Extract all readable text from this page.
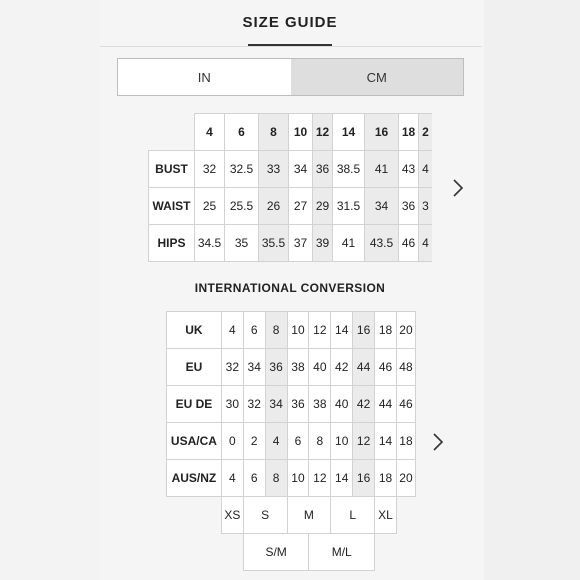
SIZE GUIDE
IN	CM
	4	6	8	10	12	14	16	18	2
BUST	32	32.5	33	34	36	38.5	41	43	4
WAIST	25	25.5	26	27	29	31.5	34	36	3
HIPS	34.5	35	35.5	37	39	41	43.5	46	4
INTERNATIONAL CONVERSION
UK	4	6	8	10	12	14	16	18	20
EU	32	34	36	38	40	42	44	46	48
EU DE	30	32	34	36	38	40	42	44	46
USA/CA	0	2	4	6	8	10	12	14	18
AUS/NZ	4	6	8	10	12	14	16	18	20
	XS	S		M		L		XL	
		S/M			M/L				
